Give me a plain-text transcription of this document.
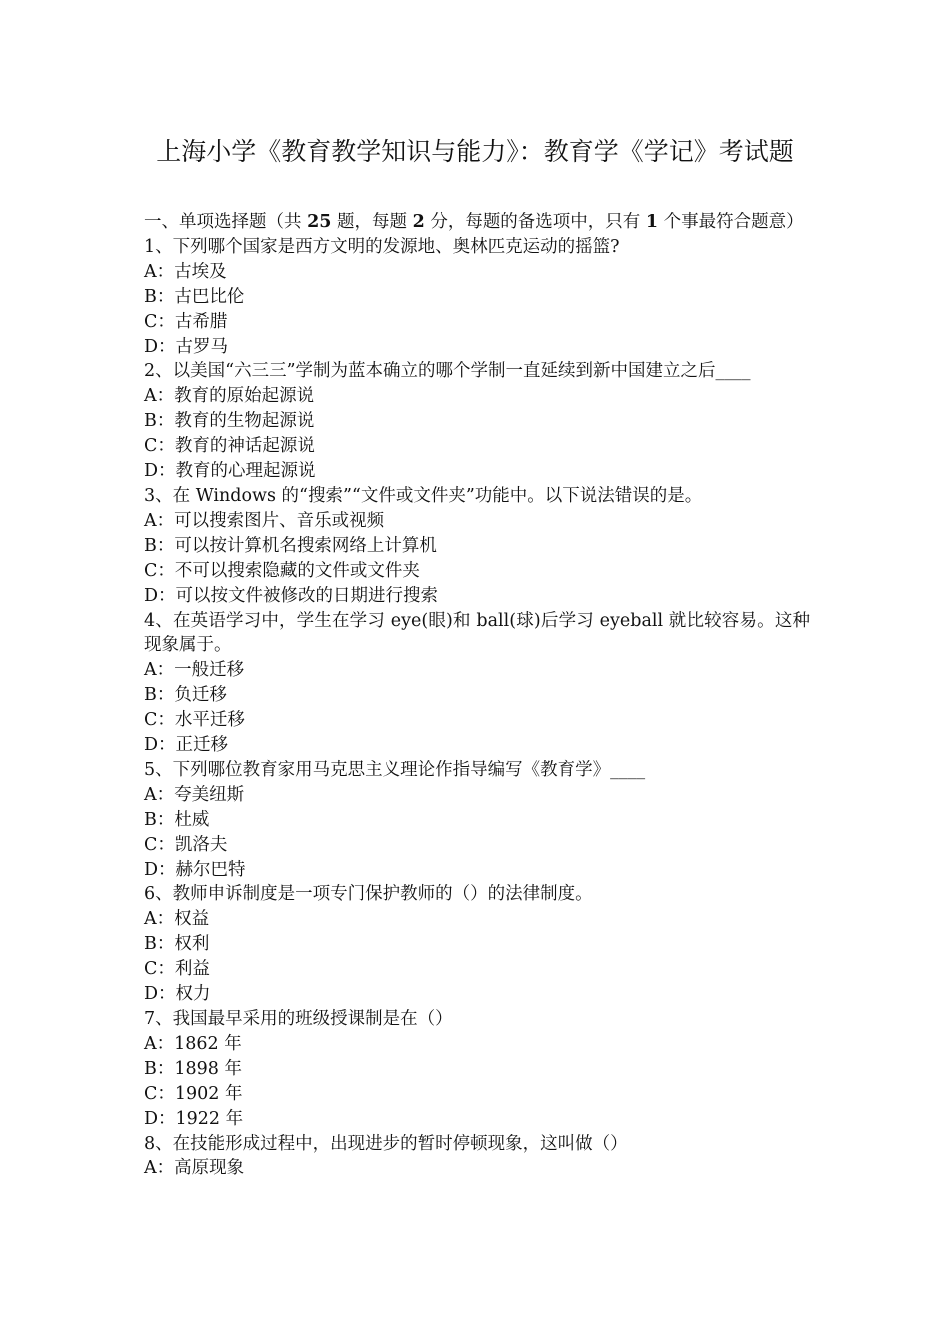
上海小学《教育教学知识与能力》：教育学《学记》考试题

一、单项选择题（共 25 题，每题 2 分，每题的备选项中，只有 1 个事最符合题意）

1、下列哪个国家是西方文明的发源地、奥林匹克运动的摇篮?

A：古埃及

B：古巴比伦

C：古希腊

D：古罗马

2、以美国“六三三”学制为蓝本确立的哪个学制一直延续到新中国建立之后____

A：教育的原始起源说

B：教育的生物起源说

C：教育的神话起源说

D：教育的心理起源说

3、在 Windows 的“搜索”“文件或文件夹”功能中。以下说法错误的是。

A：可以搜索图片、音乐或视频

B：可以按计算机名搜索网络上计算机

C：不可以搜索隐藏的文件或文件夹

D：可以按文件被修改的日期进行搜索

4、在英语学习中，学生在学习 eye(眼)和 ball(球)后学习 eyeball 就比较容易。这种现象属于。

A：一般迁移

B：负迁移

C：水平迁移

D：正迁移

5、下列哪位教育家用马克思主义理论作指导编写《教育学》____

A：夸美纽斯

B：杜威

C：凯洛夫

D：赫尔巴特

6、教师申诉制度是一项专门保护教师的（）的法律制度。

A：权益

B：权利

C：利益

D：权力

7、我国最早采用的班级授课制是在（）

A：1862 年

B：1898 年

C：1902 年

D：1922 年

8、在技能形成过程中，出现进步的暂时停顿现象，这叫做（）

A：高原现象
